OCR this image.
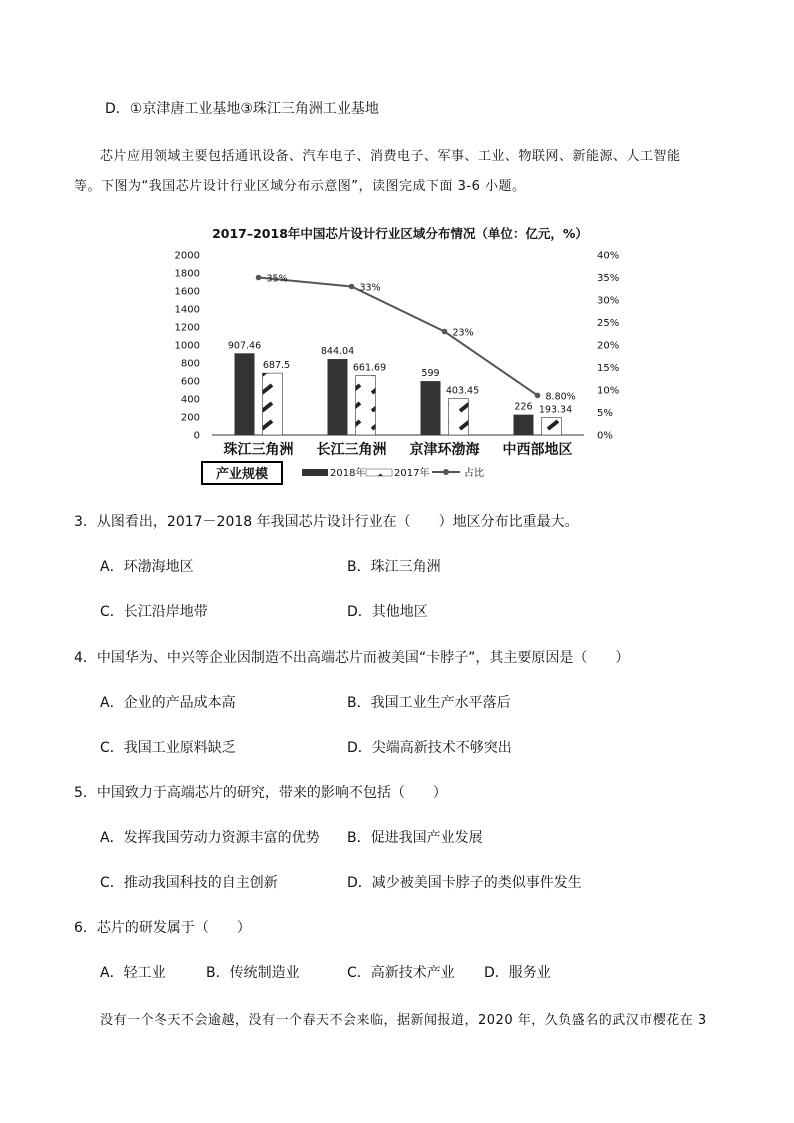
D．①京津唐工业基地③珠江三角洲工业基地
芯片应用领域主要包括通讯设备、汽车电子、消费电子、军事、工业、物联网、新能源、人工智能
等。下图为“我国芯片设计行业区域分布示意图”，读图完成下面 3-6 小题。
2017–2018年中国芯片设计行业区域分布情况（单位：亿元，%）
0
200
400
600
800
1000
1200
1400
1600
1800
2000
0%
5%
10%
15%
20%
25%
30%
35%
40%
907.46
687.5
844.04
661.69
599
403.45
226 193.34
35%
33%
23%
8.80%
珠江三角洲 长江三角洲 京津环渤海 中西部地区
产业规模	2018年	2017年	占比
3．从图看出，2017－2018 年我国芯片设计行业在（　　）地区分布比重最大。
A．环渤海地区	B．珠江三角洲
C．长江沿岸地带	D．其他地区
4．中国华为、中兴等企业因制造不出高端芯片而被美国“卡脖子”，其主要原因是（　　）
A．企业的产品成本高	B．我国工业生产水平落后
C．我国工业原料缺乏	D．尖端高新技术不够突出
5．中国致力于高端芯片的研究，带来的影响不包括（　　）
A．发挥我国劳动力资源丰富的优势 B．促进我国产业发展
C．推动我国科技的自主创新	D．减少被美国卡脖子的类似事件发生
6．芯片的研发属于（　　）
A．轻工业	B．传统制造业	C．高新技术产业 D．服务业
没有一个冬天不会逾越，没有一个春天不会来临，据新闻报道，2020 年，久负盛名的武汉市樱花在 3
